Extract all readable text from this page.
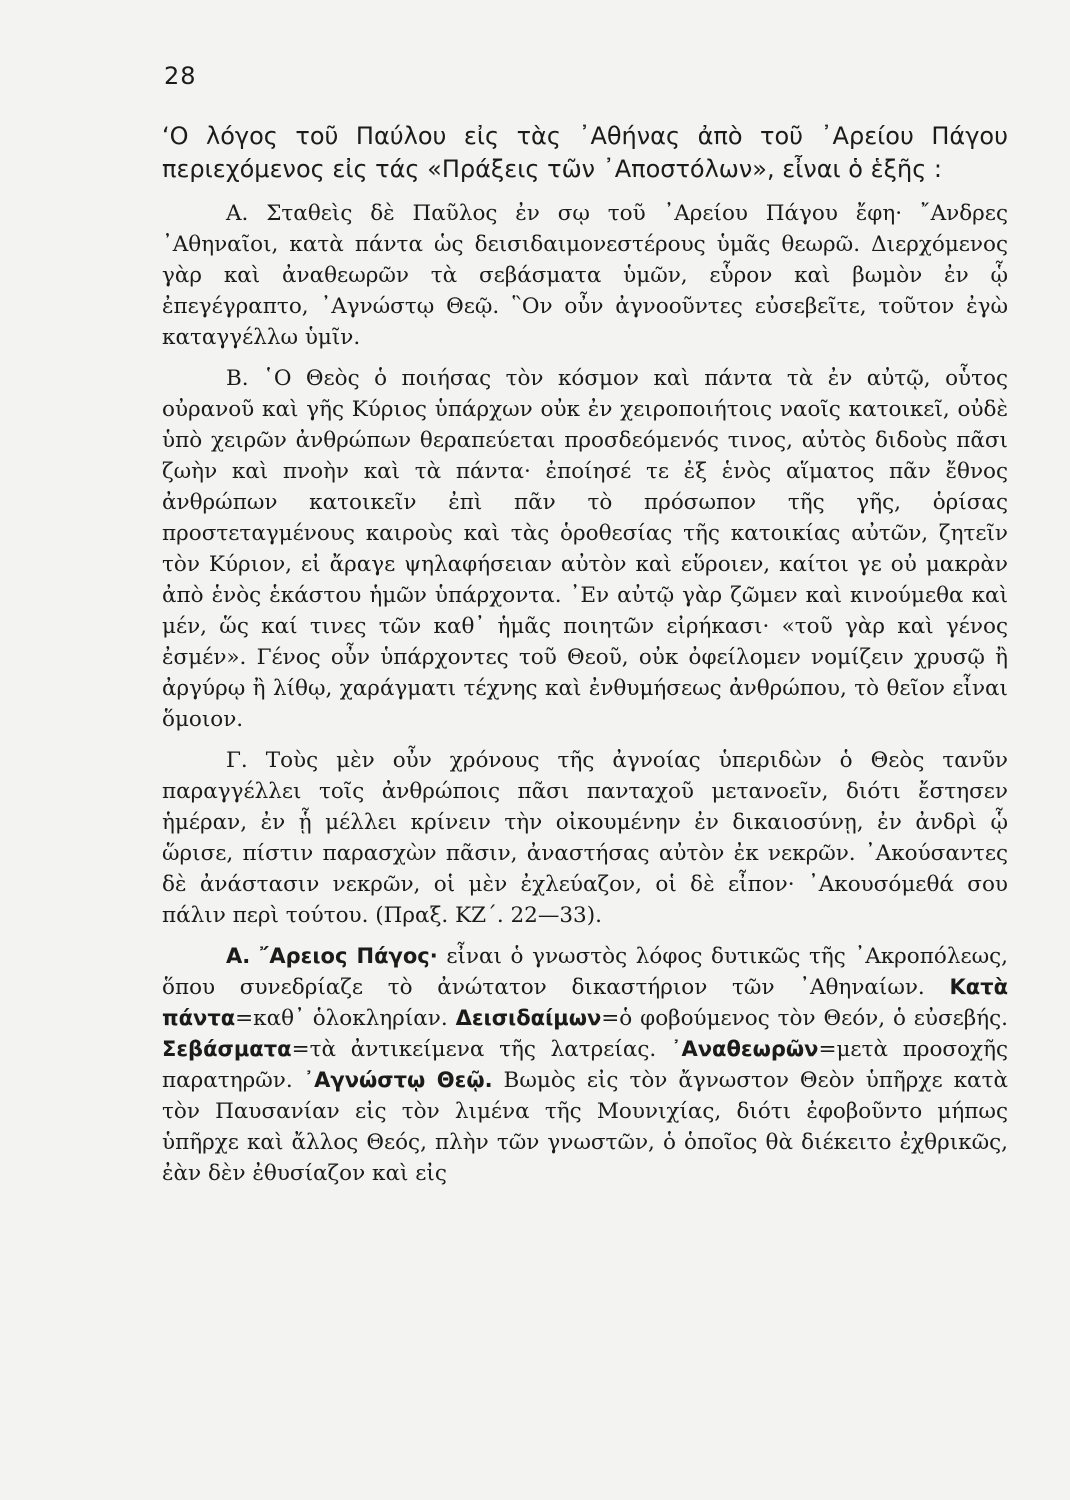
28

‘Ο λόγος τοῦ Παύλου εἰς τὰς ᾿Αθήνας ἀπὸ τοῦ ᾿Αρείου Πάγου περιεχόμενος εἰς τάς «Πράξεις τῶν ᾿Αποστόλων», εἶναι ὁ ἑξῆς :

Α. Σταθεὶς δὲ Παῦλος ἐν σῳ τοῦ ᾿Αρείου Πάγου ἔφη· ῎Ανδρες ᾿Αθηναῖοι, κατὰ πάντα ὡς δεισιδαιμονεστέρους ὑμᾶς θεωρῶ. Διερχόμενος γὰρ καὶ ἀναθεωρῶν τὰ σεβάσματα ὑμῶν, εὗρον καὶ βωμὸν ἐν ᾧ ἐπεγέγραπτο, ᾿Αγνώστῳ Θεῷ. ῝Ον οὖν ἀγνοοῦντες εὐσεβεῖτε, τοῦτον ἐγὼ καταγγέλλω ὑμῖν.

Β. ῾Ο Θεὸς ὁ ποιήσας τὸν κόσμον καὶ πάντα τὰ ἐν αὐτῷ, οὗτος οὐρανοῦ καὶ γῆς Κύριος ὑπάρχων οὐκ ἐν χειροποιήτοις ναοῖς κατοικεῖ, οὐδὲ ὑπὸ χειρῶν ἀνθρώπων θεραπεύεται προσδεόμενός τινος, αὐτὸς διδοὺς πᾶσι ζωὴν καὶ πνοὴν καὶ τὰ πάντα· ἐποίησέ τε ἐξ ἑνὸς αἵματος πᾶν ἔθνος ἀνθρώπων κατοικεῖν ἐπὶ πᾶν τὸ πρόσωπον τῆς γῆς, ὁρίσας προστεταγμένους καιροὺς καὶ τὰς ὁροθεσίας τῆς κατοικίας αὐτῶν, ζητεῖν τὸν Κύριον, εἰ ἄραγε ψηλαφήσειαν αὐτὸν καὶ εὕροιεν, καίτοι γε οὐ μακρὰν ἀπὸ ἑνὸς ἑκάστου ἡμῶν ὑπάρχοντα. ᾿Εν αὐτῷ γὰρ ζῶμεν καὶ κινούμεθα καὶ μέν, ὥς καί τινες τῶν καθ᾿ ἡμᾶς ποιητῶν εἰρήκασι· «τοῦ γὰρ καὶ γένος ἐσμέν». Γένος οὖν ὑπάρχοντες τοῦ Θεοῦ, οὐκ ὀφείλομεν νομίζειν χρυσῷ ἢ ἀργύρῳ ἢ λίθῳ, χαράγματι τέχνης καὶ ἐνθυμήσεως ἀνθρώπου, τὸ θεῖον εἶναι ὅμοιον.

Γ. Τοὺς μὲν οὖν χρόνους τῆς ἀγνοίας ὑπεριδὼν ὁ Θεὸς τανῦν παραγγέλλει τοῖς ἀνθρώποις πᾶσι πανταχοῦ μετανοεῖν, διότι ἔστησεν ἡμέραν, ἐν ᾗ μέλλει κρίνειν τὴν οἰκουμένην ἐν δικαιοσύνῃ, ἐν ἀνδρὶ ᾧ ὥρισε, πίστιν παρασχὼν πᾶσιν, ἀναστήσας αὐτὸν ἐκ νεκρῶν. ᾿Ακούσαντες δὲ ἀνάστασιν νεκρῶν, οἱ μὲν ἐχλεύαζον, οἱ δὲ εἶπον· ᾿Ακουσόμεθά σου πάλιν περὶ τούτου. (Πραξ. ΚΖ΄. 22—33).

Α. ῎Αρειος Πάγος· εἶναι ὁ γνωστὸς λόφος δυτικῶς τῆς ᾿Ακροπόλεως, ὅπου συνεδρίαζε τὸ ἀνώτατον δικαστήριον τῶν ᾿Αθηναίων. Κατὰ πάντα=καθ᾿ ὁλοκληρίαν. Δεισιδαίμων=ὁ φοβούμενος τὸν Θεόν, ὁ εὐσεβής. Σεβάσματα=τὰ ἀντικείμενα τῆς λατρείας. ᾿Αναθεωρῶν=μετὰ προσοχῆς παρατηρῶν. ᾿Αγνώστῳ Θεῷ. Βωμὸς εἰς τὸν ἄγνωστον Θεὸν ὑπῆρχε κατὰ τὸν Παυσανίαν εἰς τὸν λιμένα τῆς Μουνιχίας, διότι ἐφοβοῦντο μήπως ὑπῆρχε καὶ ἄλλος Θεός, πλὴν τῶν γνωστῶν, ὁ ὁποῖος θὰ διέκειτο ἐχθρικῶς, ἐὰν δὲν ἐθυσίαζον καὶ εἰς
